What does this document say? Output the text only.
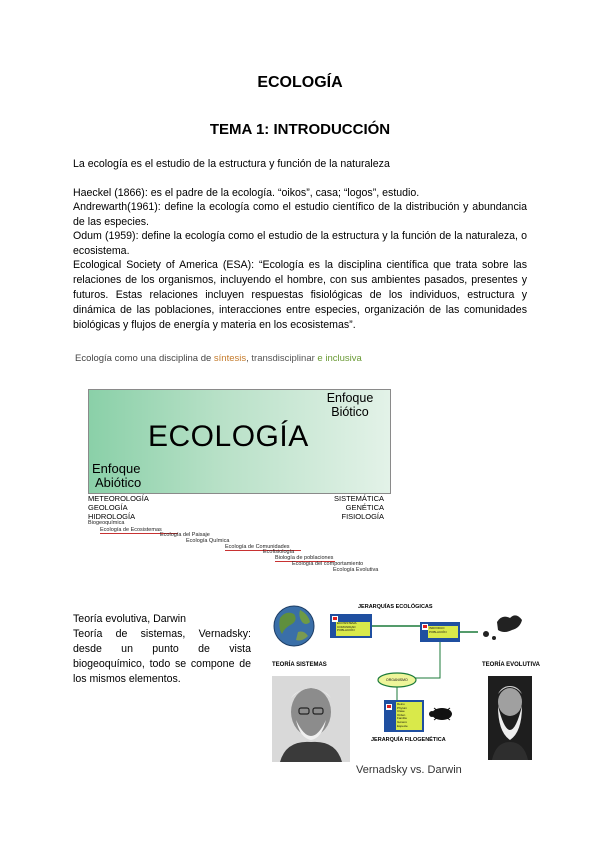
ECOLOGÍA
TEMA 1: INTRODUCCIÓN

La ecología es el estudio de la estructura y función de la naturaleza

Haeckel (1866): es el padre de la ecología. “oikos”, casa; “logos”, estudio.

Andrewarth(1961): define la ecología como el estudio científico de la distribución y abundancia de las especies.

Odum (1959): define la ecología como el estudio de la estructura y la función de la naturaleza, o ecosistema.

Ecological Society of America (ESA): “Ecología es la disciplina científica que trata sobre las relaciones de los organismos, incluyendo el hombre, con sus ambientes pasados, presentes y futuros. Estas relaciones incluyen respuestas fisiológicas de los individuos, estructura y dinámica de las poblaciones, interacciones entre especies, organización de las comunidades biológicas y flujos de energía y materia en los ecosistemas”.

Ecología como una disciplina de síntesis, transdisciplinar e inclusiva
ECOLOGÍA
Enfoque
Biótico
Enfoque
Abiótico
METEOROLOGÍA
GEOLOGÍA
HIDROLOGÍA
SISTEMÁTICA
GENÉTICA
FISIOLOGÍA
Biogeoquímica
Ecología de Ecosistemas
Ecología del Paisaje
Ecología Química
Ecología de Comunidades
Ecofisiología
Biología de poblaciones
Ecología del comportamiento
Ecología Evolutiva

Teoría evolutiva, Darwin

Teoría de sistemas, Vernadsky: desde un punto de vista biogeoquímico, todo se compone de los mismos elementos.

JERARQUÍAS ECOLÓGICAS
TEORÍA SISTEMAS	TEORÍA EVOLUTIVA
JERARQUÍA FILOGENÉTICA
ECOSISTEMA
COMUNIDAD
POBLACIÓN	INDIVIDUO
POBLACIÓN
ORGANISMO
Reino
Phylum
Clase
Orden
Familia
Género
Especie
Vernadsky vs. Darwin
